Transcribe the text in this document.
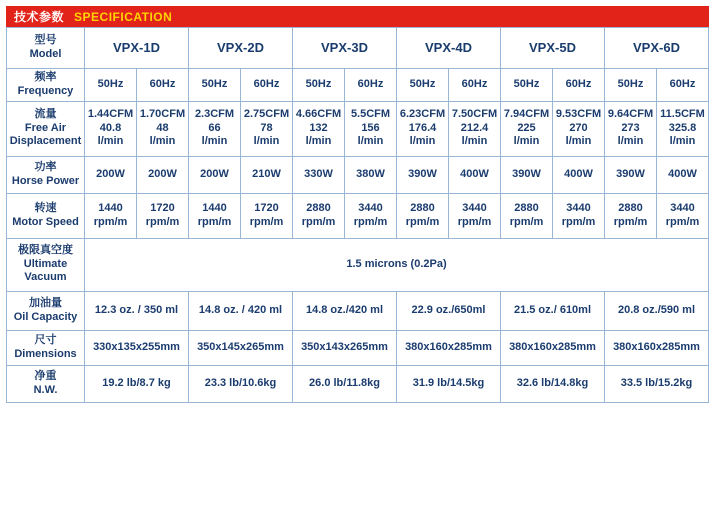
技术参数 SPECIFICATION
型号
Model	VPX-1D		VPX-2D		VPX-3D		VPX-4D		VPX-5D		VPX-6D	

频率
Frequency	50Hz	60Hz	50Hz	60Hz	50Hz	60Hz	50Hz	60Hz	50Hz	60Hz	50Hz	60Hz

流量
Free Air
Displacement	1.44CFM
40.8
l/min	1.70CFM
48
l/min	2.3CFM
66
l/min	2.75CFM
78
l/min	4.66CFM
132
l/min	5.5CFM
156
l/min	6.23CFM
176.4
l/min	7.50CFM
212.4
l/min	7.94CFM
225
l/min	9.53CFM
270
l/min	9.64CFM
273
l/min	11.5CFM
325.8
l/min

功率
Horse Power	200W	200W	200W	210W	330W	380W	390W	400W	390W	400W	390W	400W

转速
Motor Speed	1440
rpm/m	1720
rpm/m	1440
rpm/m	1720
rpm/m	2880
rpm/m	3440
rpm/m	2880
rpm/m	3440
rpm/m	2880
rpm/m	3440
rpm/m	2880
rpm/m	3440
rpm/m

极限真空度
Ultimate
Vacuum	1.5 microns (0.2Pa)											

加油量
Oil Capacity	12.3 oz. / 350 ml		14.8 oz. / 420 ml		14.8 oz./420 ml		22.9 oz./650ml		21.5 oz./ 610ml		20.8 oz./590 ml	

尺寸
Dimensions	330x135x255mm		350x145x265mm		350x143x265mm		380x160x285mm		380x160x285mm		380x160x285mm	

净重
N.W.	19.2 lb/8.7 kg		23.3 lb/10.6kg		26.0 lb/11.8kg		31.9 lb/14.5kg		32.6 lb/14.8kg		33.5 lb/15.2kg	
